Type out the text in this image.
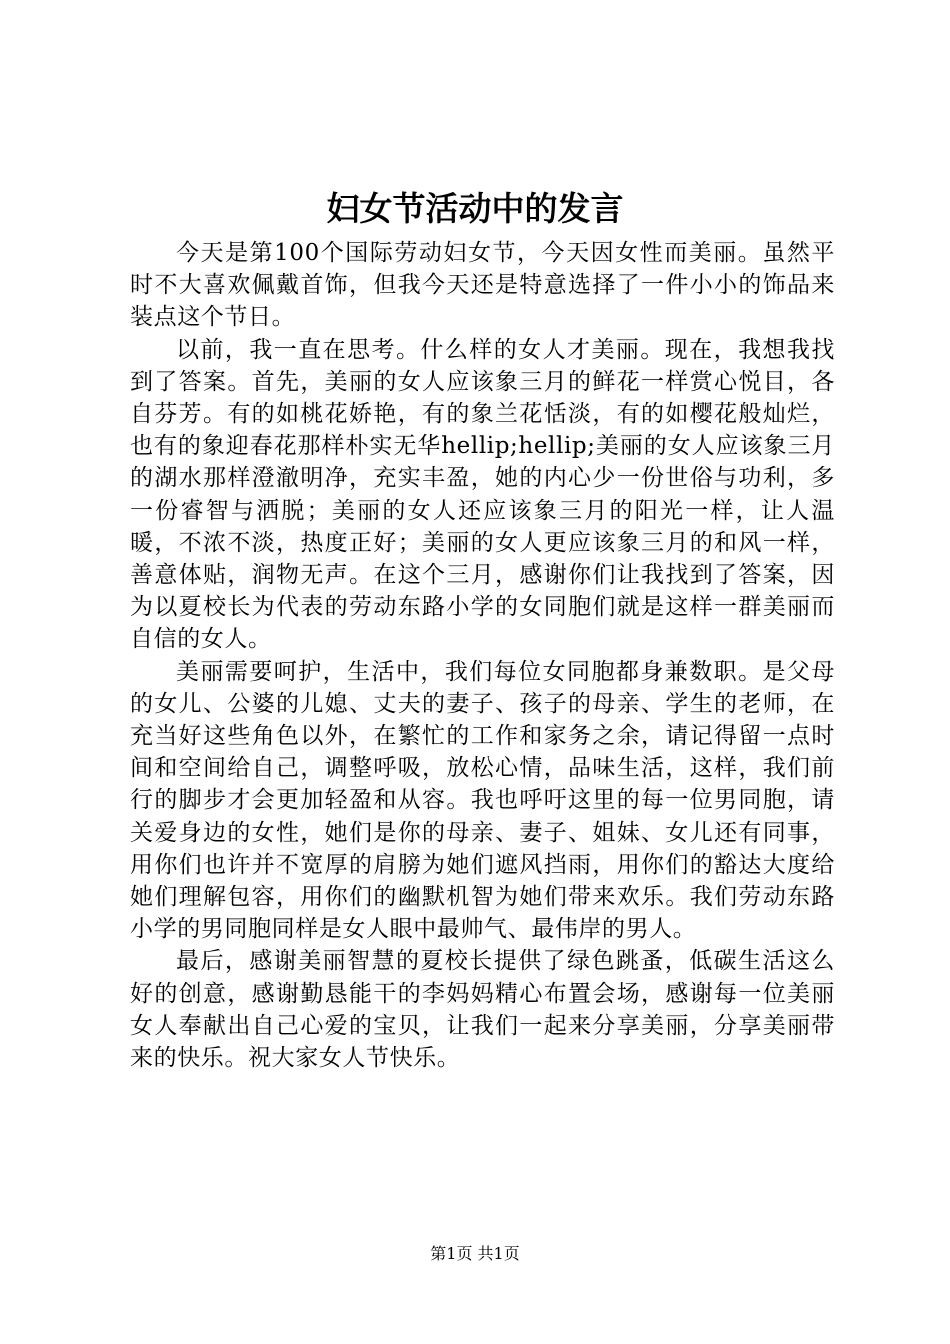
妇女节活动中的发言

今天是第100个国际劳动妇女节，今天因女性而美丽。虽然平时不大喜欢佩戴首饰，但我今天还是特意选择了一件小小的饰品来装点这个节日。

以前，我一直在思考。什么样的女人才美丽。现在，我想我找到了答案。首先，美丽的女人应该象三月的鲜花一样赏心悦目，各自芬芳。有的如桃花娇艳，有的象兰花恬淡，有的如樱花般灿烂，也有的象迎春花那样朴实无华hellip;hellip;美丽的女人应该象三月的湖水那样澄澈明净，充实丰盈，她的内心少一份世俗与功利，多一份睿智与洒脱；美丽的女人还应该象三月的阳光一样，让人温暖，不浓不淡，热度正好；美丽的女人更应该象三月的和风一样，善意体贴，润物无声。在这个三月，感谢你们让我找到了答案，因为以夏校长为代表的劳动东路小学的女同胞们就是这样一群美丽而自信的女人。

美丽需要呵护，生活中，我们每位女同胞都身兼数职。是父母的女儿、公婆的儿媳、丈夫的妻子、孩子的母亲、学生的老师，在充当好这些角色以外，在繁忙的工作和家务之余，请记得留一点时间和空间给自己，调整呼吸，放松心情，品味生活，这样，我们前行的脚步才会更加轻盈和从容。我也呼吁这里的每一位男同胞，请关爱身边的女性，她们是你的母亲、妻子、姐妹、女儿还有同事，用你们也许并不宽厚的肩膀为她们遮风挡雨，用你们的豁达大度给她们理解包容，用你们的幽默机智为她们带来欢乐。我们劳动东路小学的男同胞同样是女人眼中最帅气、最伟岸的男人。

最后，感谢美丽智慧的夏校长提供了绿色跳蚤，低碳生活这么好的创意，感谢勤恳能干的李妈妈精心布置会场，感谢每一位美丽女人奉献出自己心爱的宝贝，让我们一起来分享美丽，分享美丽带来的快乐。祝大家女人节快乐。

第1页 共1页
